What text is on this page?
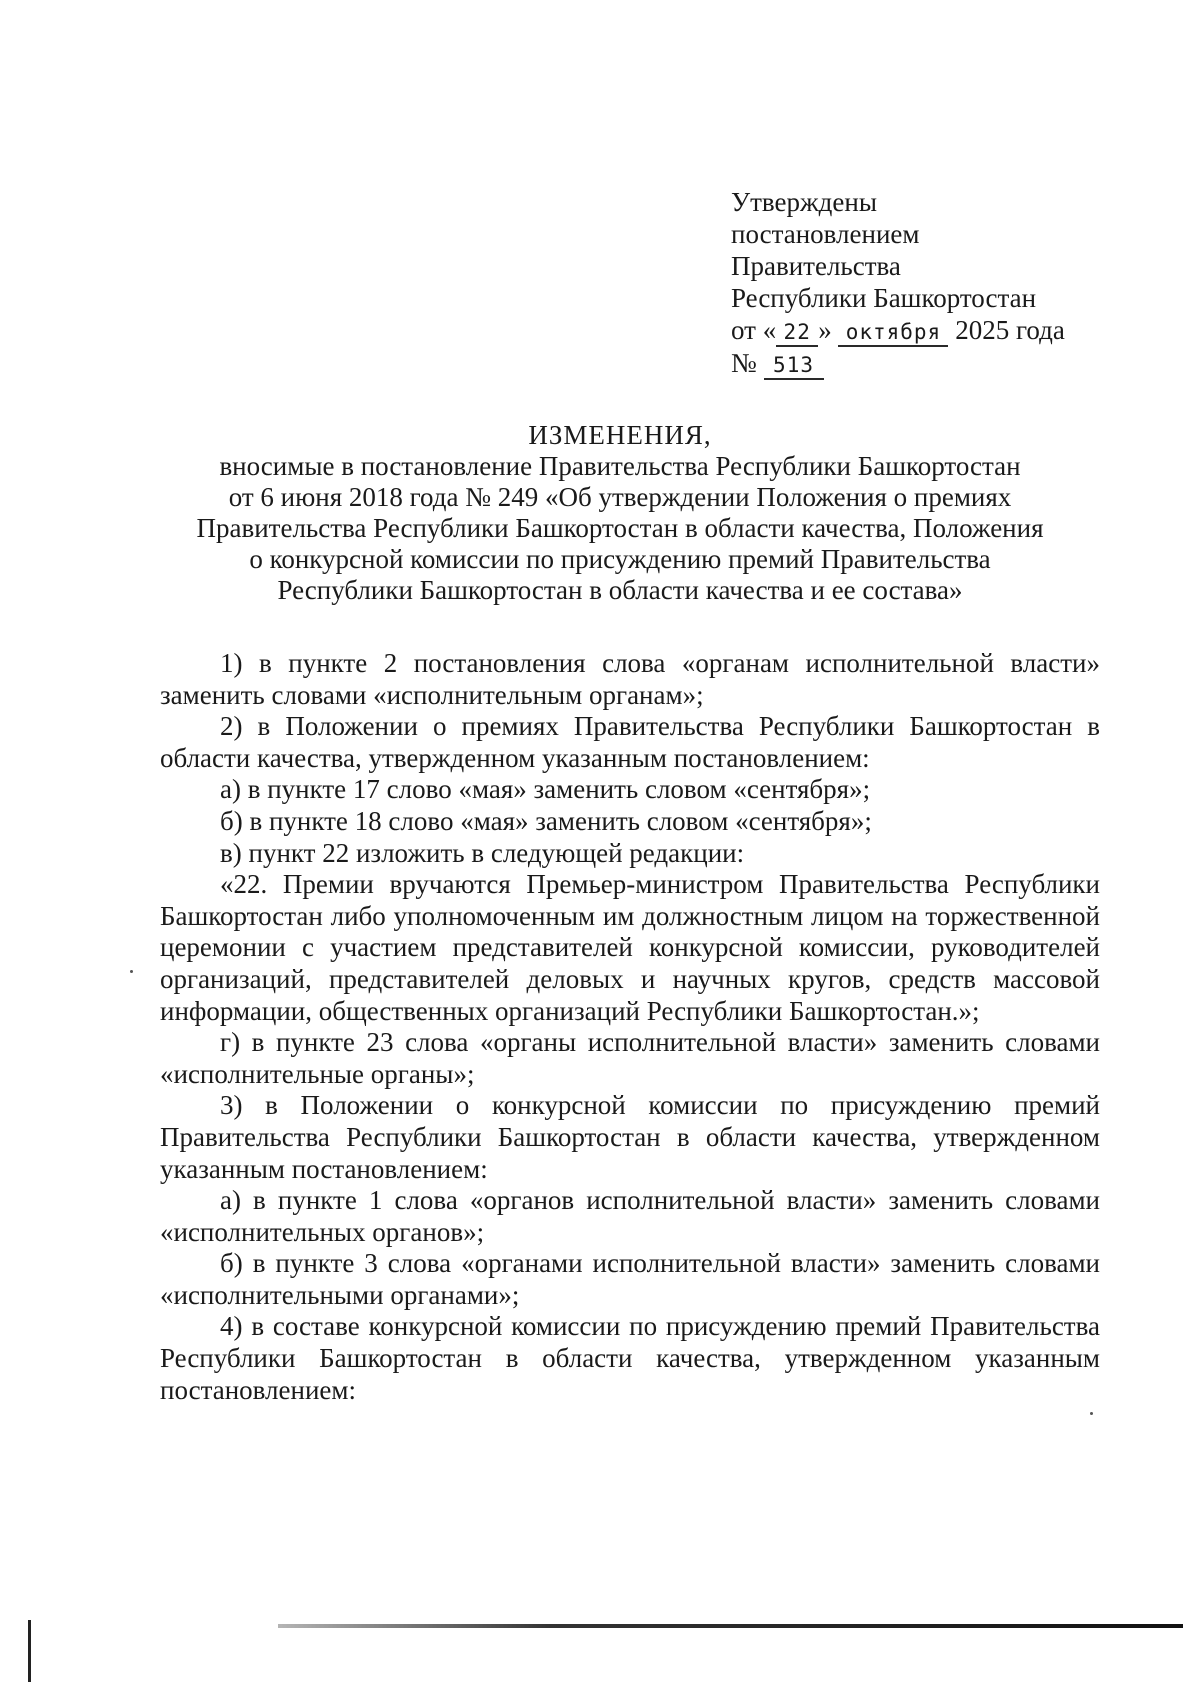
Утверждены
постановлением
Правительства
Республики Башкортостан
от « 22 » октября 2025 года
№ 513
ИЗМЕНЕНИЯ,
вносимые в постановление Правительства Республики Башкортостан
от 6 июня 2018 года № 249 «Об утверждении Положения о премиях
Правительства Республики Башкортостан в области качества, Положения
о конкурсной комиссии по присуждению премий Правительства
Республики Башкортостан в области качества и ее состава»

1) в пункте 2 постановления слова «органам исполнительной власти» заменить словами «исполнительным органам»;

2) в Положении о премиях Правительства Республики Башкортостан в области качества, утвержденном указанным постановлением:

а) в пункте 17 слово «мая» заменить словом «сентября»;

б) в пункте 18 слово «мая» заменить словом «сентября»;

в) пункт 22 изложить в следующей редакции:

«22. Премии вручаются Премьер-министром Правительства Республики Башкортостан либо уполномоченным им должностным лицом на торжественной церемонии с участием представителей конкурсной комиссии, руководителей организаций, представителей деловых и научных кругов, средств массовой информации, общественных организаций Республики Башкортостан.»;

г) в пункте 23 слова «органы исполнительной власти» заменить словами «исполнительные органы»;

3) в Положении о конкурсной комиссии по присуждению премий Правительства Республики Башкортостан в области качества, утвержденном указанным постановлением:

а) в пункте 1 слова «органов исполнительной власти» заменить словами «исполнительных органов»;

б) в пункте 3 слова «органами исполнительной власти» заменить словами «исполнительными органами»;

4) в составе конкурсной комиссии по присуждению премий Правительства Республики Башкортостан в области качества, утвержденном указанным постановлением:
